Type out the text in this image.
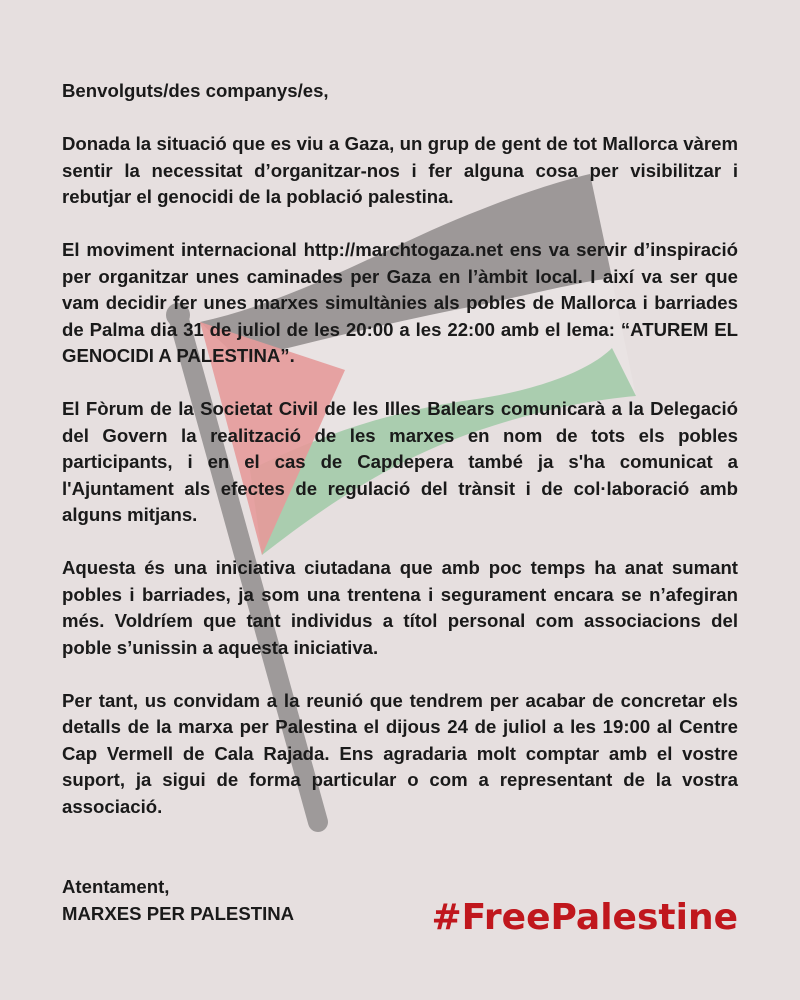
Benvolguts/des companys/es,

Donada la situació que es viu a Gaza, un grup de gent de tot Mallorca vàrem sentir la necessitat d’organitzar-nos i fer alguna cosa per visibilitzar i rebutjar el genocidi de la població palestina.

El moviment internacional http://marchtogaza.net ens va servir d’inspiració per organitzar unes caminades per Gaza en l’àmbit local. I així va ser que vam decidir fer unes marxes simultànies als pobles de Mallorca i barriades de Palma dia 31 de juliol de les 20:00 a les 22:00 amb el lema: “ATUREM EL GENOCIDI A PALESTINA”.

El Fòrum de la Societat Civil de les Illes Balears comunicarà a la Delegació del Govern la realització de les marxes en nom de tots els pobles participants, i en el cas de Capdepera també ja s'ha comunicat a l'Ajuntament als efectes de regulació del trànsit i de col·laboració amb alguns mitjans.

Aquesta és una iniciativa ciutadana que amb poc temps ha anat sumant pobles i barriades, ja som una trentena i segurament encara se n’afegiran més. Voldríem que tant individus a títol personal com associacions del poble s’unissin a aquesta iniciativa.

Per tant, us convidam a la reunió que tendrem per acabar de concretar els detalls de la marxa per Palestina el dijous 24 de juliol a les 19:00 al Centre Cap Vermell de Cala Rajada. Ens agradaria molt comptar amb el vostre suport, ja sigui de forma particular o com a representant de la vostra associació.

Atentament,
MARXES PER PALESTINA	#FreePalestine
